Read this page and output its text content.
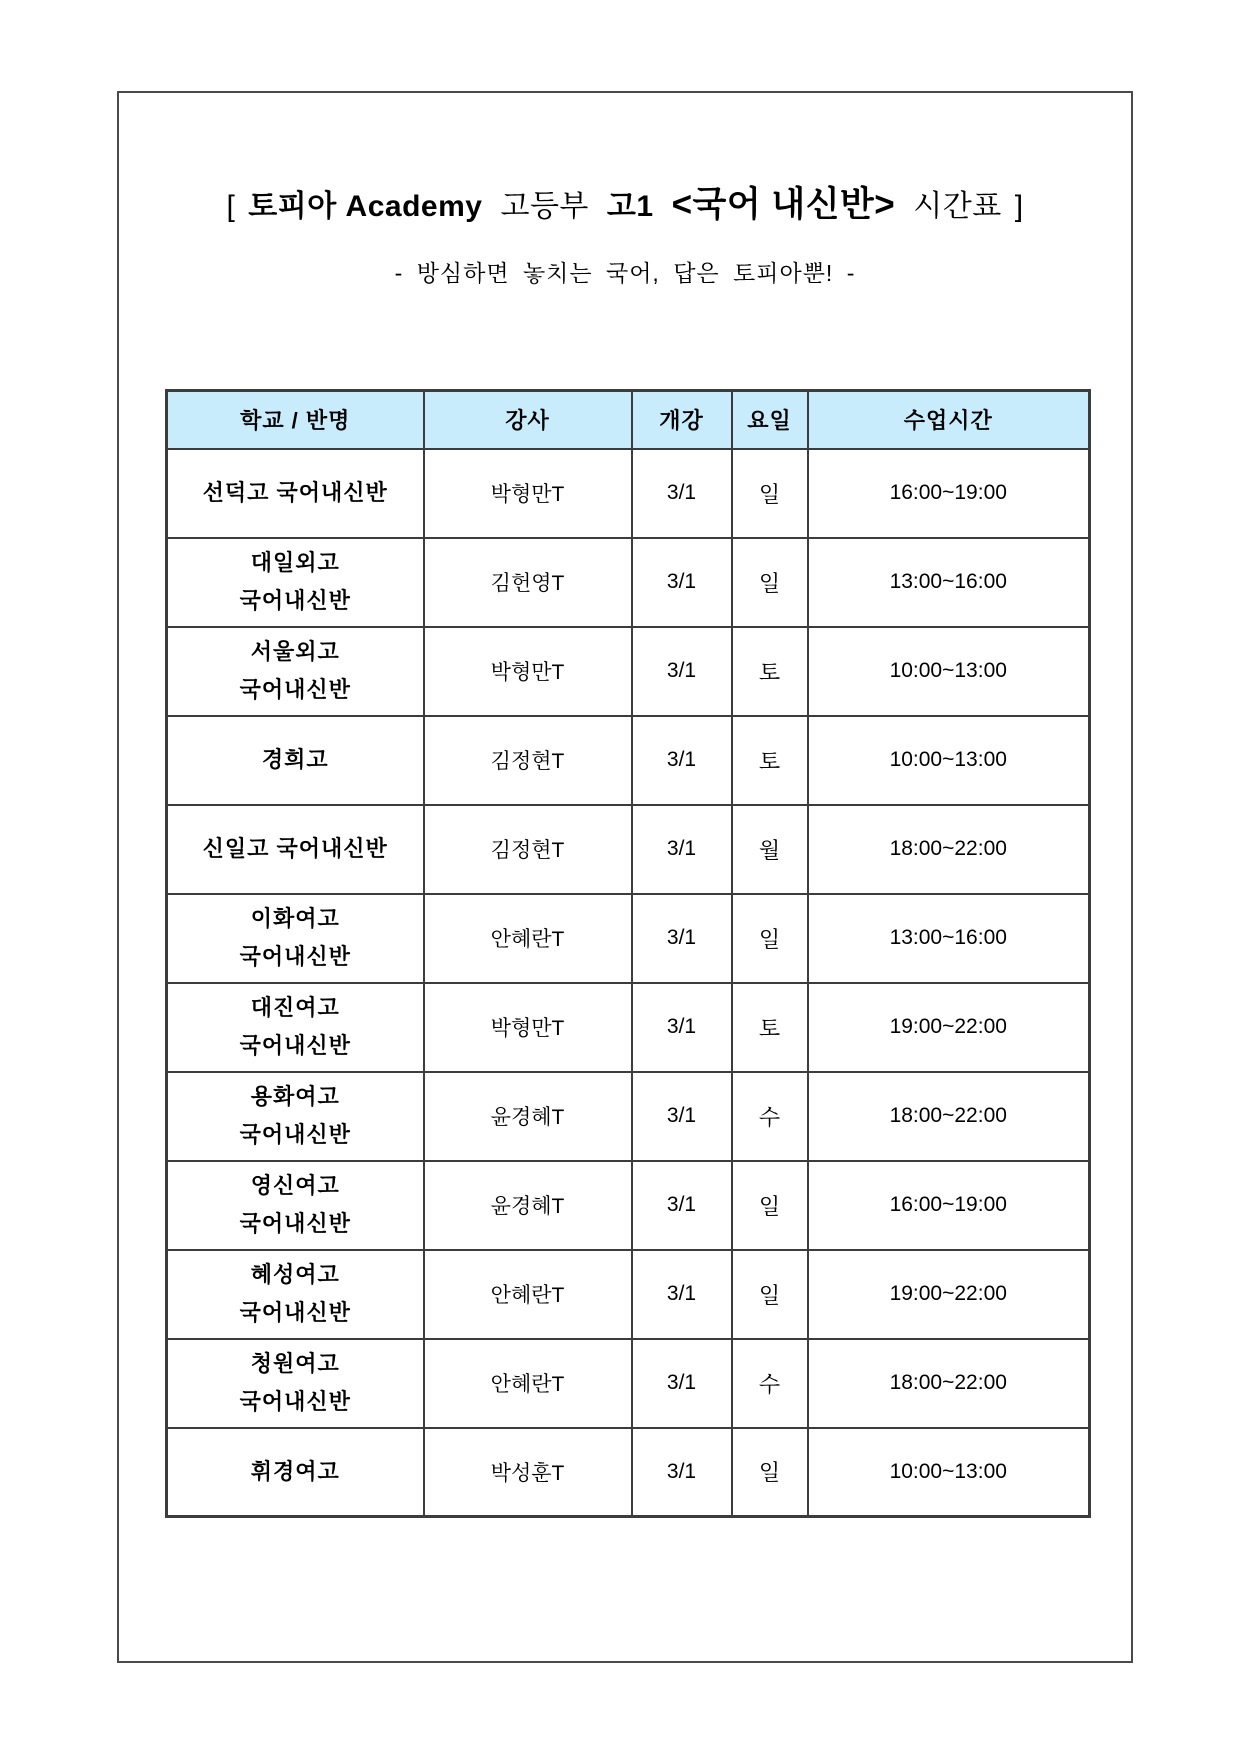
[ 토피아 Academy 고등부 고1 <국어 내신반> 시간표 ]
- 방심하면 놓치는 국어, 답은 토피아뿐! -
학교 / 반명	강사	개강	요일	수업시간

선덕고 국어내신반	박형만T	3/1	일	16:00~19:00

대일외고
국어내신반	김헌영T	3/1	일	13:00~16:00

서울외고
국어내신반	박형만T	3/1	토	10:00~13:00

경희고	김정현T	3/1	토	10:00~13:00

신일고 국어내신반	김정현T	3/1	월	18:00~22:00

이화여고
국어내신반	안혜란T	3/1	일	13:00~16:00

대진여고
국어내신반	박형만T	3/1	토	19:00~22:00

용화여고
국어내신반	윤경혜T	3/1	수	18:00~22:00

영신여고
국어내신반	윤경혜T	3/1	일	16:00~19:00

혜성여고
국어내신반	안혜란T	3/1	일	19:00~22:00

청원여고
국어내신반	안혜란T	3/1	수	18:00~22:00

휘경여고	박성훈T	3/1	일	10:00~13:00
